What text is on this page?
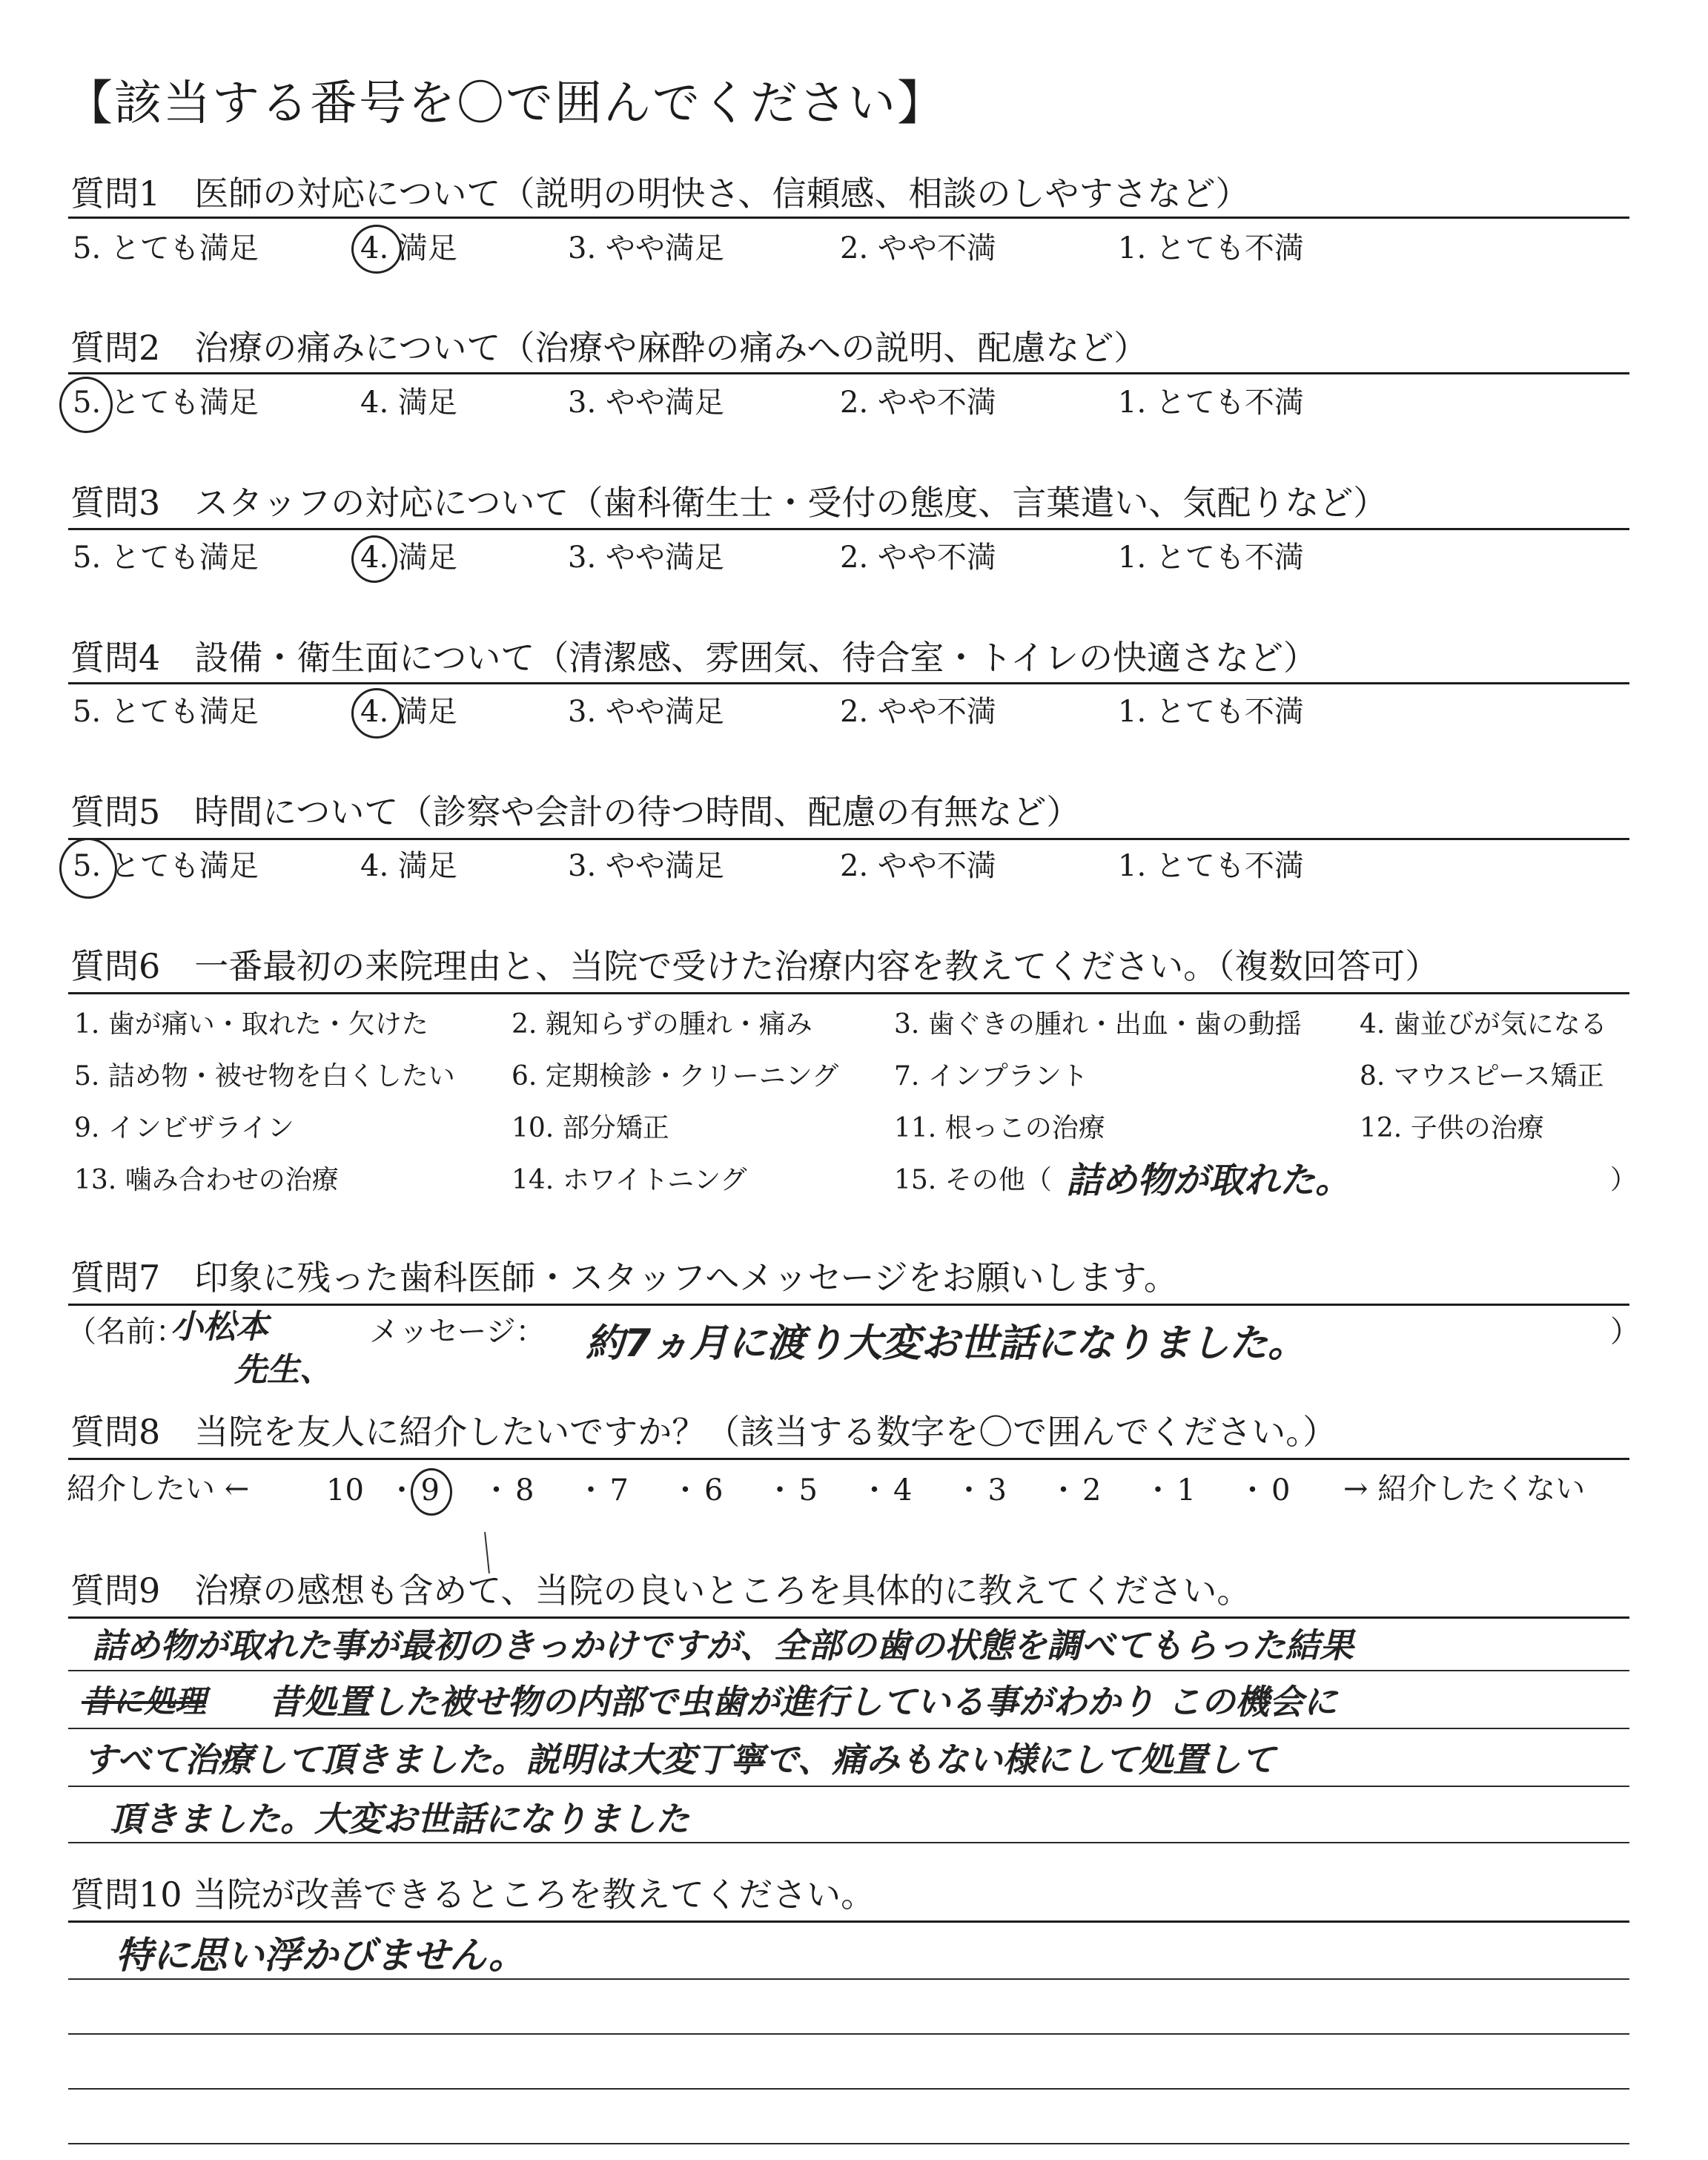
【該当する番号を〇で囲んでください】
質問1　医師の対応について（説明の明快さ、信頼感、相談のしやすさなど）
5. とても満足	4. 満足	3. やや満足	2. やや不満	1. とても不満
質問2　治療の痛みについて（治療や麻酔の痛みへの説明、配慮など）
5. とても満足	4. 満足	3. やや満足	2. やや不満	1. とても不満
質問3　スタッフの対応について（歯科衛生士・受付の態度、言葉遣い、気配りなど）
5. とても満足	4. 満足	3. やや満足	2. やや不満	1. とても不満
質問4　設備・衛生面について（清潔感、雰囲気、待合室・トイレの快適さなど）
5. とても満足	4. 満足	3. やや満足	2. やや不満	1. とても不満
質問5　時間について（診察や会計の待つ時間、配慮の有無など）
5. とても満足	4. 満足	3. やや満足	2. やや不満	1. とても不満
質問6　一番最初の来院理由と、当院で受けた治療内容を教えてください。（複数回答可）
1. 歯が痛い・取れた・欠けた	2. 親知らずの腫れ・痛み	3. 歯ぐきの腫れ・出血・歯の動揺 4. 歯並びが気になる
5. 詰め物・被せ物を白くしたい 6. 定期検診・クリーニング 7. インプラント	8. マウスピース矯正
9. インビザライン	10. 部分矯正	11. 根っこの治療	12. 子供の治療
13. 噛み合わせの治療	14. ホワイトニング	15. その他（ 詰め物が取れた。	）
質問7　印象に残った歯科医師・スタッフへメッセージをお願いします。
（名前：
小松本
先生、
メッセージ： 約7ヵ月に渡り大変お世話になりました。	）
質問8　当院を友人に紹介したいですか？（該当する数字を〇で囲んでください。）
紹介したい ←	→ 紹介したくない
質問9　治療の感想も含めて、当院の良いところを具体的に教えてください。
詰め物が取れた事が最初のきっかけですが、全部の歯の状態を調べてもらった結果
昔に処理 昔処置した被せ物の内部で虫歯が進行している事がわかり この機会に
すべて治療して頂きました。説明は大変丁寧で、痛みもない様にして処置して
頂きました。大変お世話になりました
質問10 当院が改善できるところを教えてください。
特に思い浮かびません。
10 ・ 9 ・ 8 ・ 7 ・ 6 ・ 5 ・ 4 ・ 3 ・ 2 ・ 1 ・ 0
